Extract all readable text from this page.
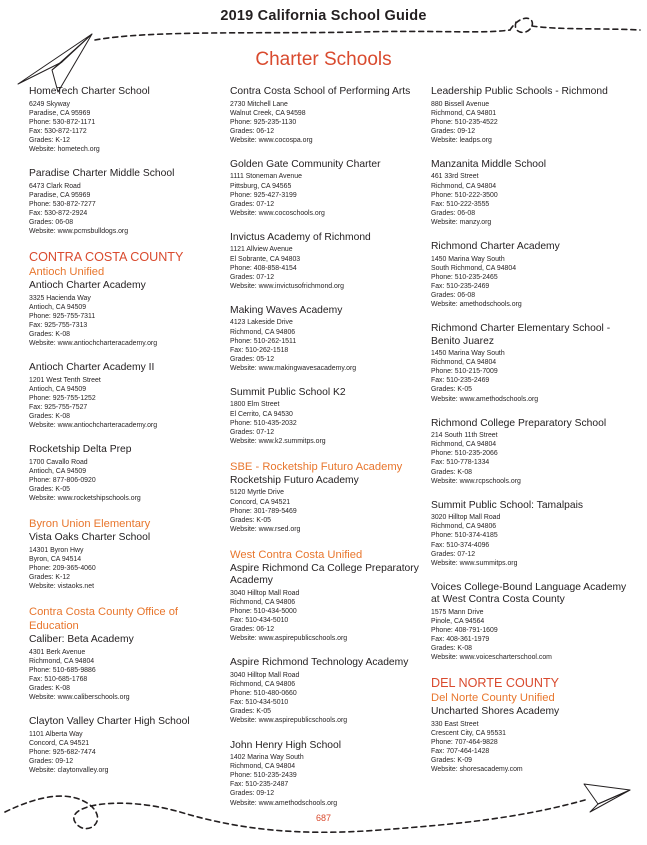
2019 California School Guide
Charter Schools
HomeTech Charter School
6249 Skyway
Paradise, CA 95969
Phone: 530-872-1171
Fax: 530-872-1172
Grades: K-12
Website: hometech.org
Paradise Charter Middle School
6473 Clark Road
Paradise, CA 95969
Phone: 530-872-7277
Fax: 530-872-2924
Grades: 06-08
Website: www.pcmsbulldogs.org
CONTRA COSTA COUNTY
Antioch Unified
Antioch Charter Academy
3325 Hacienda Way
Antioch, CA 94509
Phone: 925-755-7311
Fax: 925-755-7313
Grades: K-08
Website: www.antiochcharteracademy.org
Antioch Charter Academy II
1201 West Tenth Street
Antioch, CA 94509
Phone: 925-755-1252
Fax: 925-755-7527
Grades: K-08
Website: www.antiochcharteracademy.org
Rocketship Delta Prep
1700 Cavallo Road
Antioch, CA 94509
Phone: 877-806-0920
Grades: K-05
Website: www.rocketshipschools.org
Byron Union Elementary
Vista Oaks Charter School
14301 Byron Hwy
Byron, CA 94514
Phone: 209-365-4060
Grades: K-12
Website: vistaoks.net
Contra Costa County Office of Education
Caliber: Beta Academy
4301 Berk Avenue
Richmond, CA 94804
Phone: 510-685-9886
Fax: 510-685-1768
Grades: K-08
Website: www.caliberschools.org
Clayton Valley Charter High School
1101 Alberta Way
Concord, CA 94521
Phone: 925-682-7474
Grades: 09-12
Website: claytonvalley.org
Contra Costa School of Performing Arts
2730 Mitchell Lane
Walnut Creek, CA 94598
Phone: 925-235-1130
Grades: 06-12
Website: www.cocospa.org
Golden Gate Community Charter
1111 Stoneman Avenue
Pittsburg, CA 94565
Phone: 925-427-3199
Grades: 07-12
Website: www.cocoschools.org
Invictus Academy of Richmond
1121 Allview Avenue
El Sobrante, CA 94803
Phone: 408-858-4154
Grades: 07-12
Website: www.invictusofrichmond.org
Making Waves Academy
4123 Lakeside Drive
Richmond, CA 94806
Phone: 510-262-1511
Fax: 510-262-1518
Grades: 05-12
Website: www.makingwavesacademy.org
Summit Public School K2
1800 Elm Street
El Cerrito, CA 94530
Phone: 510-435-2032
Grades: 07-12
Website: www.k2.summitps.org
SBE - Rocketship Futuro Academy
Rocketship Futuro Academy
5120 Myrtle Drive
Concord, CA 94521
Phone: 301-789-5469
Grades: K-05
Website: www.rsed.org
West Contra Costa Unified
Aspire Richmond Ca College Preparatory Academy
3040 Hilltop Mall Road
Richmond, CA 94806
Phone: 510-434-5000
Fax: 510-434-5010
Grades: 06-12
Website: www.aspirepublicschools.org
Aspire Richmond Technology Academy
3040 Hilltop Mall Road
Richmond, CA 94806
Phone: 510-480-0660
Fax: 510-434-5010
Grades: K-05
Website: www.aspirepublicschools.org
John Henry High School
1402 Marina Way South
Richmond, CA 94804
Phone: 510-235-2439
Fax: 510-235-2487
Grades: 09-12
Website: www.amethodschools.org
Leadership Public Schools - Richmond
880 Bissell Avenue
Richmond, CA 94801
Phone: 510-235-4522
Grades: 09-12
Website: leadps.org
Manzanita Middle School
461 33rd Street
Richmond, CA 94804
Phone: 510-222-3500
Fax: 510-222-3555
Grades: 06-08
Website: manzy.org
Richmond Charter Academy
1450 Marina Way South
South Richmond, CA 94804
Phone: 510-235-2465
Fax: 510-235-2469
Grades: 06-08
Website: amethodschools.org
Richmond Charter Elementary School - Benito Juarez
1450 Marina Way South
Richmond, CA 94804
Phone: 510-215-7009
Fax: 510-235-2469
Grades: K-05
Website: www.amethodschools.org
Richmond College Preparatory School
214 South 11th Street
Richmond, CA 94804
Phone: 510-235-2066
Fax: 510-778-1334
Grades: K-08
Website: www.rcpschools.org
Summit Public School: Tamalpais
3020 Hilltop Mall Road
Richmond, CA 94806
Phone: 510-374-4185
Fax: 510-374-4096
Grades: 07-12
Website: www.summitps.org
Voices College-Bound Language Academy at West Contra Costa County
1575 Mann Drive
Pinole, CA 94564
Phone: 408-791-1609
Fax: 408-361-1979
Grades: K-08
Website: www.voicescharterschool.com
DEL NORTE COUNTY
Del Norte County Unified
Uncharted Shores Academy
330 East Street
Crescent City, CA 95531
Phone: 707-464-9828
Fax: 707-464-1428
Grades: K-09
Website: shoresacademy.com
687
